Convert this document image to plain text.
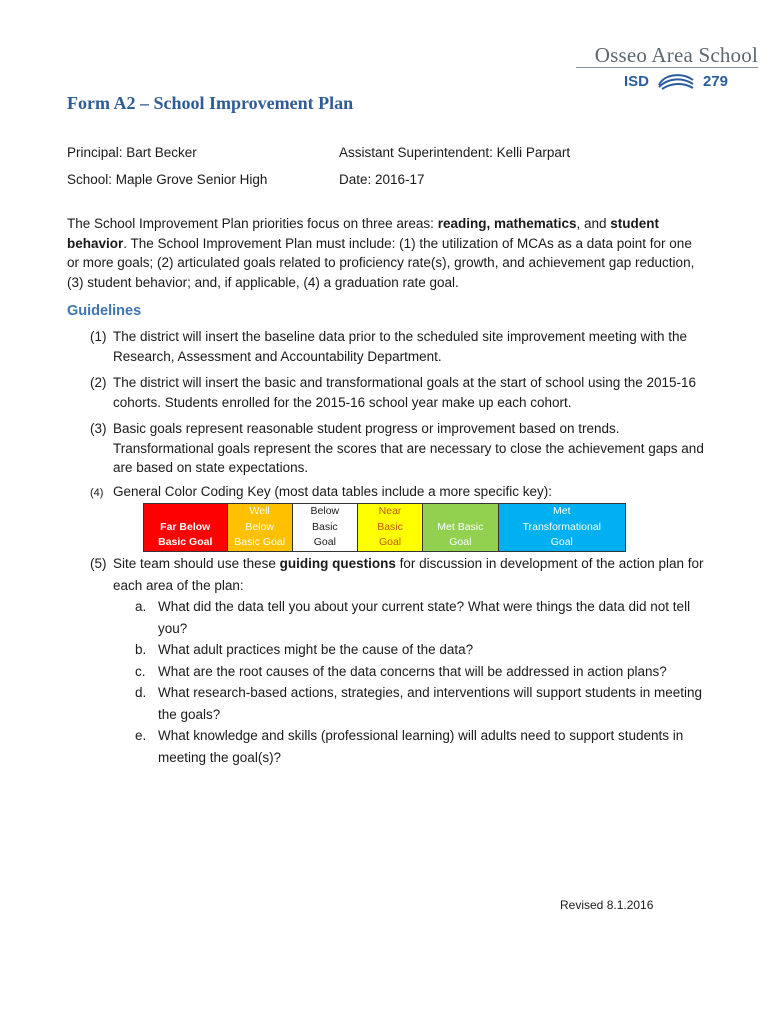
Osseo Area School
ISD	279
Form A2 – School Improvement Plan
Principal: Bart Becker	Assistant Superintendent: Kelli Parpart
School: Maple Grove Senior High	Date: 2016-17
The School Improvement Plan priorities focus on three areas: reading, mathematics, and student behavior. The School Improvement Plan must include: (1) the utilization of MCAs as a data point for one or more goals; (2) articulated goals related to proficiency rate(s), growth, and achievement gap reduction, (3) student behavior; and, if applicable, (4) a graduation rate goal.
Guidelines
(1) The district will insert the baseline data prior to the scheduled site improvement meeting with the Research, Assessment and Accountability Department.
(2) The district will insert the basic and transformational goals at the start of school using the 2015-16 cohorts. Students enrolled for the 2015-16 school year make up each cohort.
(3) Basic goals represent reasonable student progress or improvement based on trends. Transformational goals represent the scores that are necessary to close the achievement gaps and are based on state expectations.
(4) General Color Coding Key (most data tables include a more specific key):

Far Below
Basic Goal

Well
Below
Basic Goal

Below
Basic
Goal

Near
Basic
Goal

Met Basic
Goal

Met
Transformational
Goal
(5) Site team should use these guiding questions for discussion in development of the action plan for each area of the plan:
a. What did the data tell you about your current state? What were things the data did not tell you?
b. What adult practices might be the cause of the data?
c. What are the root causes of the data concerns that will be addressed in action plans?
d. What research-based actions, strategies, and interventions will support students in meeting the goals?
e. What knowledge and skills (professional learning) will adults need to support students in meeting the goal(s)?
Revised 8.1.2016
